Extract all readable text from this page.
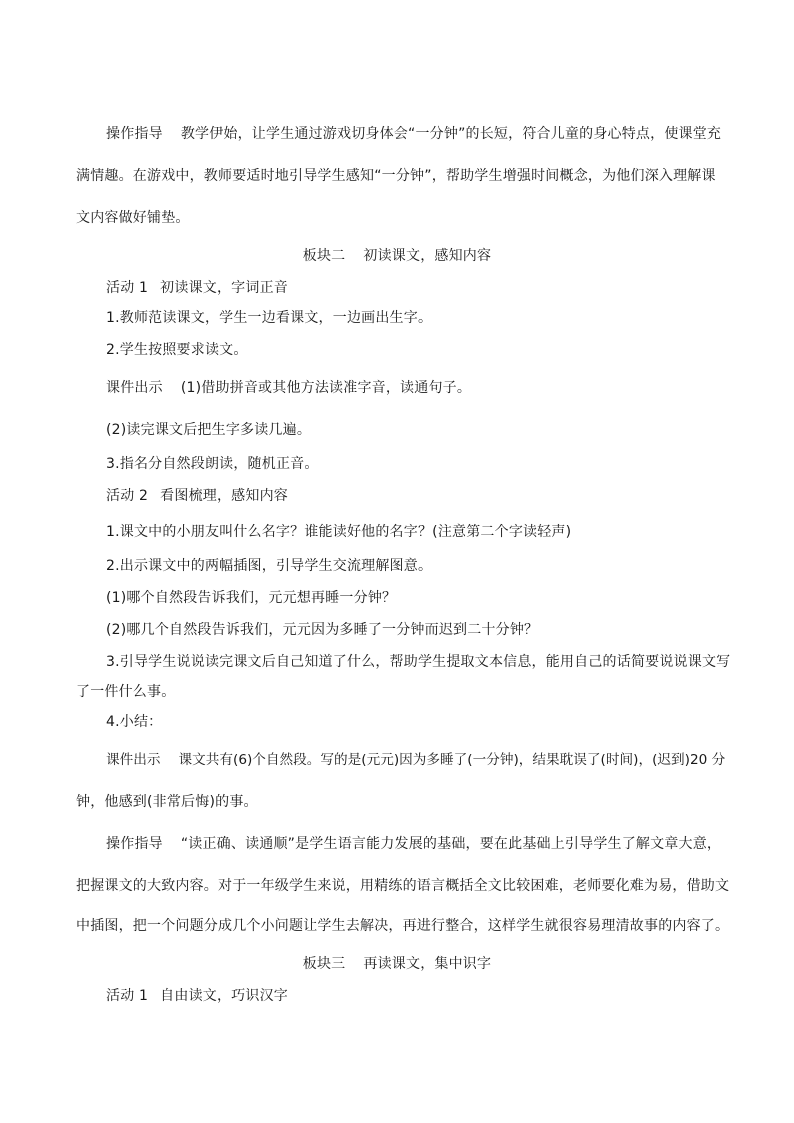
操作指导 教学伊始，让学生通过游戏切身体会“一分钟”的长短，符合儿童的身心特点，使课堂充
满情趣。在游戏中，教师要适时地引导学生感知“一分钟”，帮助学生增强时间概念，为他们深入理解课
文内容做好铺垫。
板块二 初读课文，感知内容
活动 1 初读课文，字词正音
1.教师范读课文，学生一边看课文，一边画出生字。
2.学生按照要求读文。
课件出示 (1)借助拼音或其他方法读准字音，读通句子。
(2)读完课文后把生字多读几遍。
3.指名分自然段朗读，随机正音。
活动 2 看图梳理，感知内容
1.课文中的小朋友叫什么名字？谁能读好他的名字？(注意第二个字读轻声)
2.出示课文中的两幅插图，引导学生交流理解图意。
(1)哪个自然段告诉我们，元元想再睡一分钟？
(2)哪几个自然段告诉我们，元元因为多睡了一分钟而迟到二十分钟？
3.引导学生说说读完课文后自己知道了什么，帮助学生提取文本信息，能用自己的话简要说说课文写
了一件什么事。
4.小结：
课件出示 课文共有(6)个自然段。写的是(元元)因为多睡了(一分钟)，结果耽误了(时间)，(迟到)20 分
钟，他感到(非常后悔)的事。
操作指导 “读正确、读通顺”是学生语言能力发展的基础，要在此基础上引导学生了解文章大意，
把握课文的大致内容。对于一年级学生来说，用精练的语言概括全文比较困难，老师要化难为易，借助文
中插图，把一个问题分成几个小问题让学生去解决，再进行整合，这样学生就很容易理清故事的内容了。
板块三 再读课文，集中识字
活动 1 自由读文，巧识汉字
